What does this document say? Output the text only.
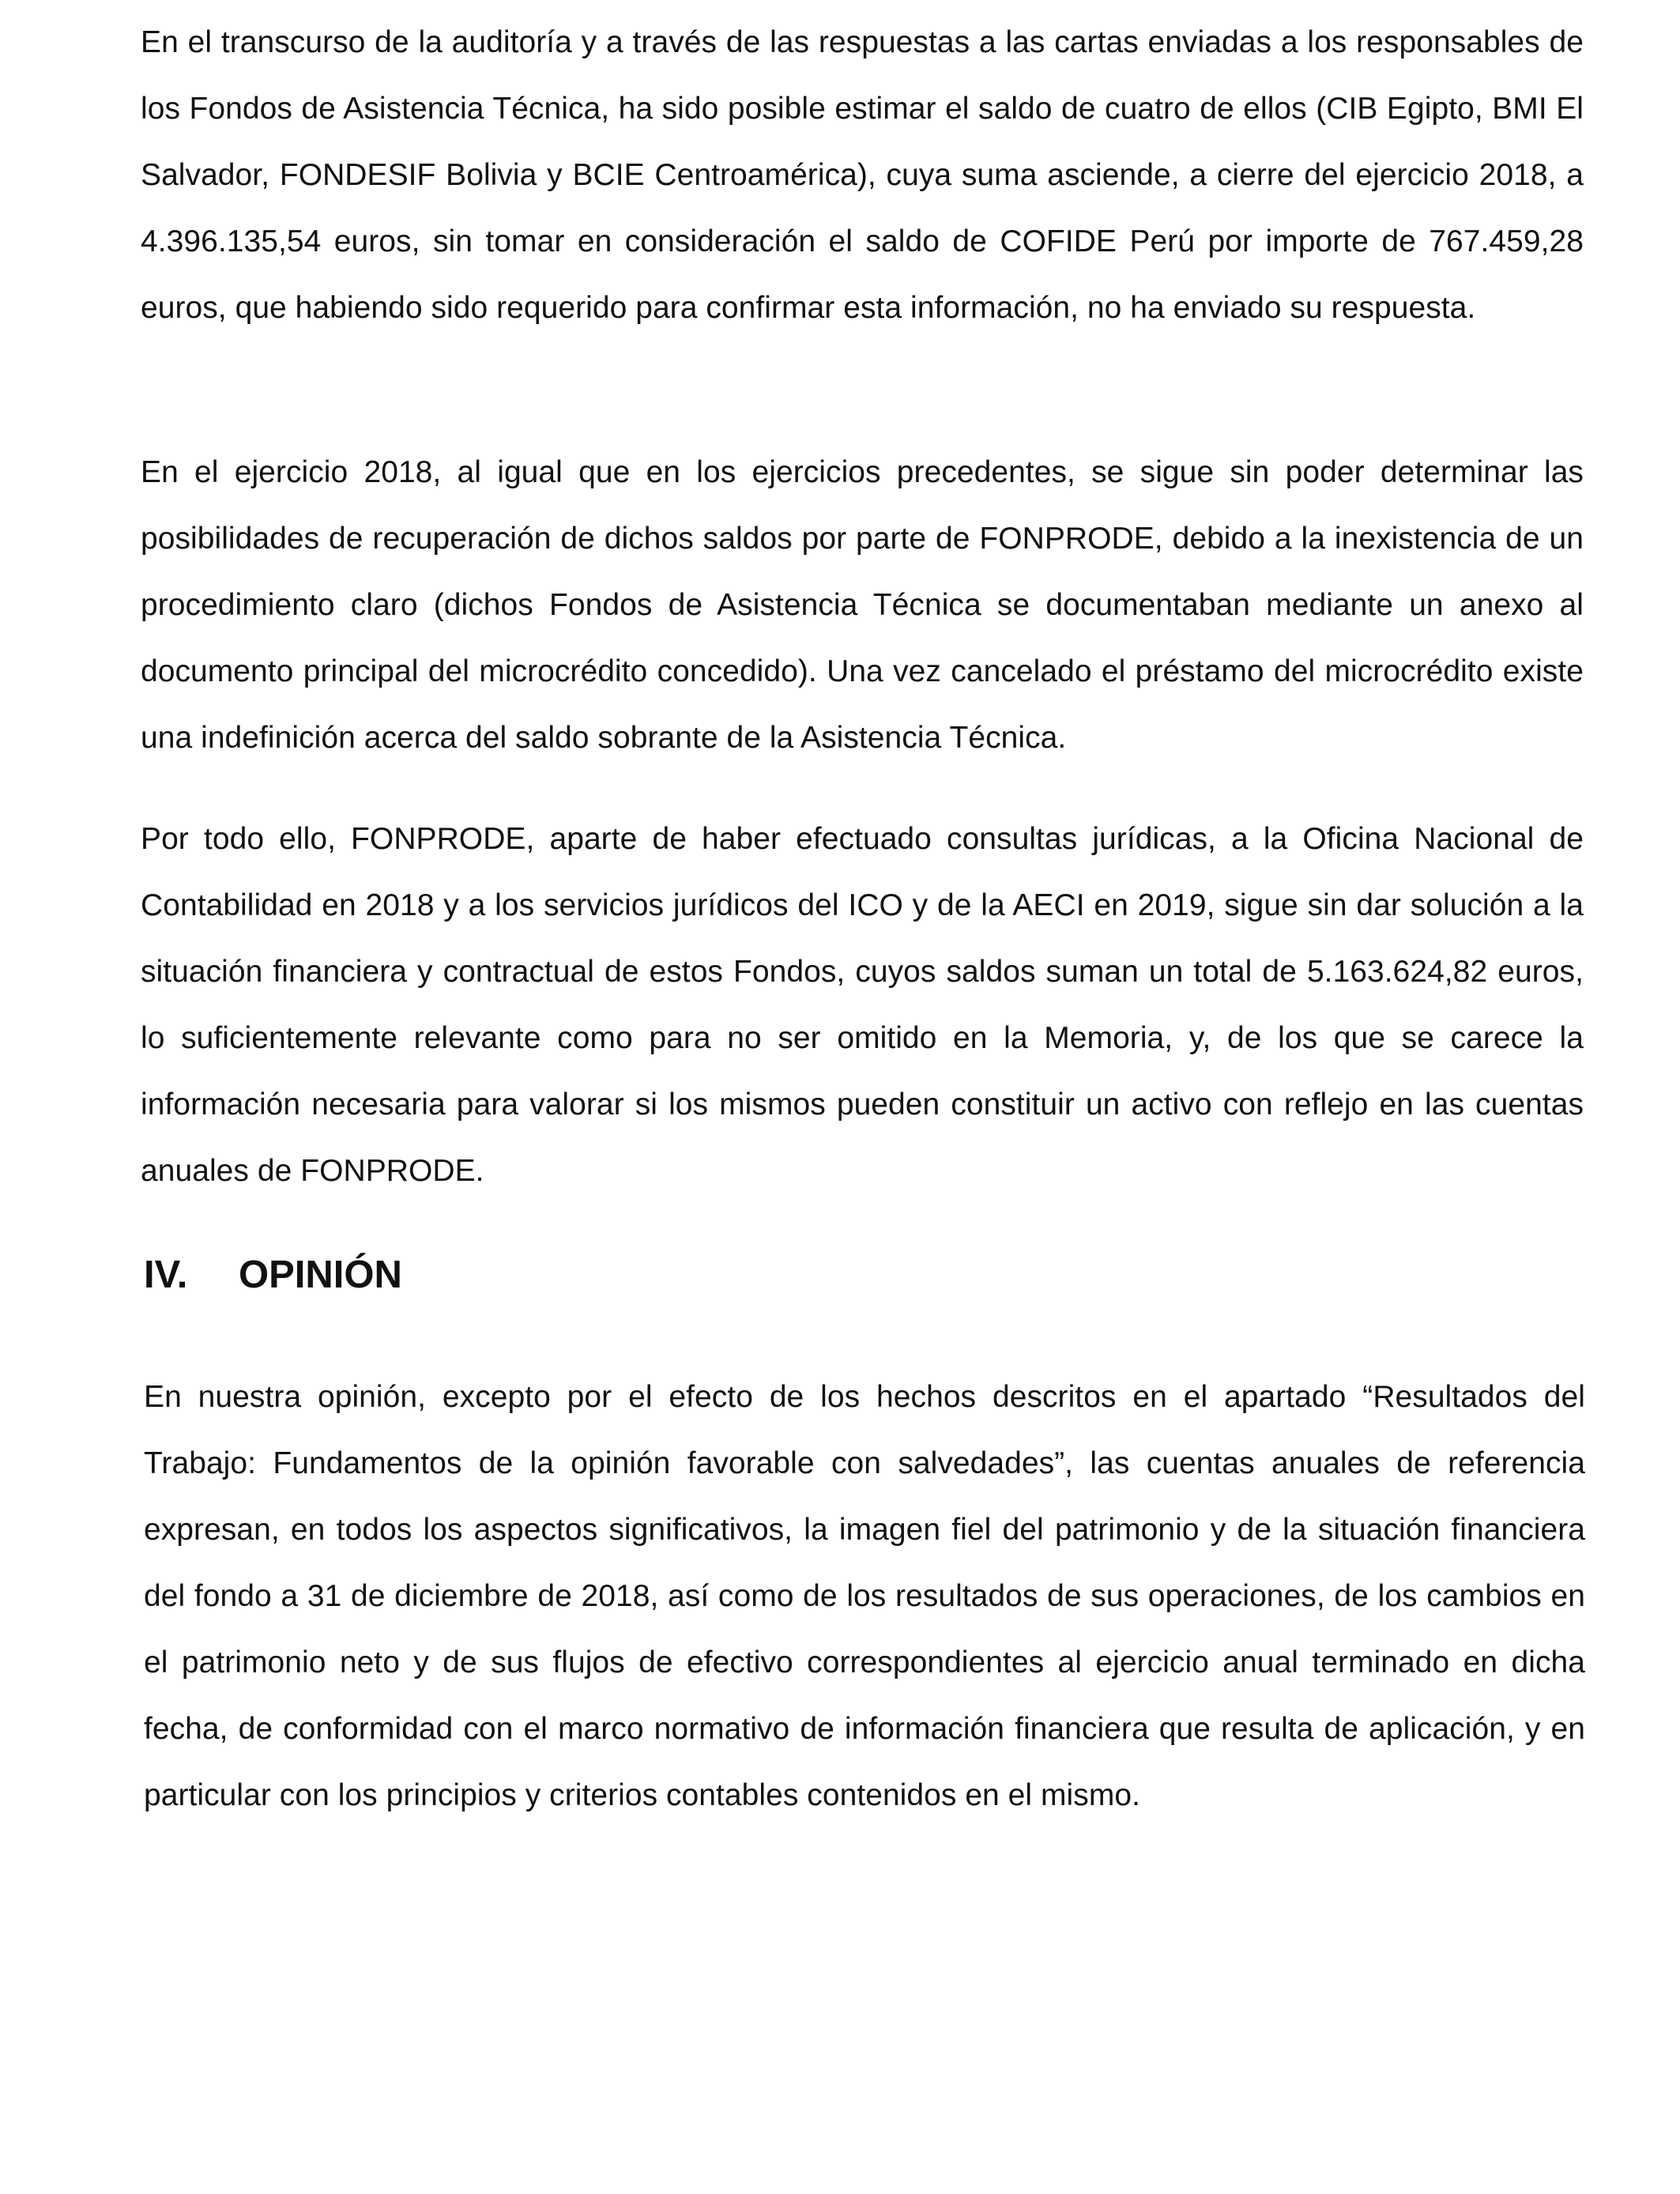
En el transcurso de la auditoría y a través de las respuestas a las cartas enviadas a los responsables de los Fondos de Asistencia Técnica, ha sido posible estimar el saldo de cuatro de ellos (CIB Egipto, BMI El Salvador, FONDESIF Bolivia y BCIE Centroamérica), cuya suma asciende, a cierre del ejercicio 2018, a 4.396.135,54 euros, sin tomar en consideración el saldo de COFIDE Perú por importe de 767.459,28 euros, que habiendo sido requerido para confirmar esta información, no ha enviado su respuesta.

En el ejercicio 2018, al igual que en los ejercicios precedentes, se sigue sin poder determinar las posibilidades de recuperación de dichos saldos por parte de FONPRODE, debido a la inexistencia de un procedimiento claro (dichos Fondos de Asistencia Técnica se documentaban mediante un anexo al documento principal del microcrédito concedido). Una vez cancelado el préstamo del microcrédito existe una indefinición acerca del saldo sobrante de la Asistencia Técnica.

Por todo ello, FONPRODE, aparte de haber efectuado consultas jurídicas, a la Oficina Nacional de Contabilidad en 2018 y a los servicios jurídicos del ICO y de la AECI en 2019, sigue sin dar solución a la situación financiera y contractual de estos Fondos, cuyos saldos suman un total de 5.163.624,82 euros, lo suficientemente relevante como para no ser omitido en la Memoria, y, de los que se carece la información necesaria para valorar si los mismos pueden constituir un activo con reflejo en las cuentas anuales de FONPRODE.

IV. OPINIÓN

En nuestra opinión, excepto por el efecto de los hechos descritos en el apartado “Resultados del Trabajo: Fundamentos de la opinión favorable con salvedades”, las cuentas anuales de referencia expresan, en todos los aspectos significativos, la imagen fiel del patrimonio y de la situación financiera del fondo a 31 de diciembre de 2018, así como de los resultados de sus operaciones, de los cambios en el patrimonio neto y de sus flujos de efectivo correspondientes al ejercicio anual terminado en dicha fecha, de conformidad con el marco normativo de información financiera que resulta de aplicación, y en particular con los principios y criterios contables contenidos en el mismo.
